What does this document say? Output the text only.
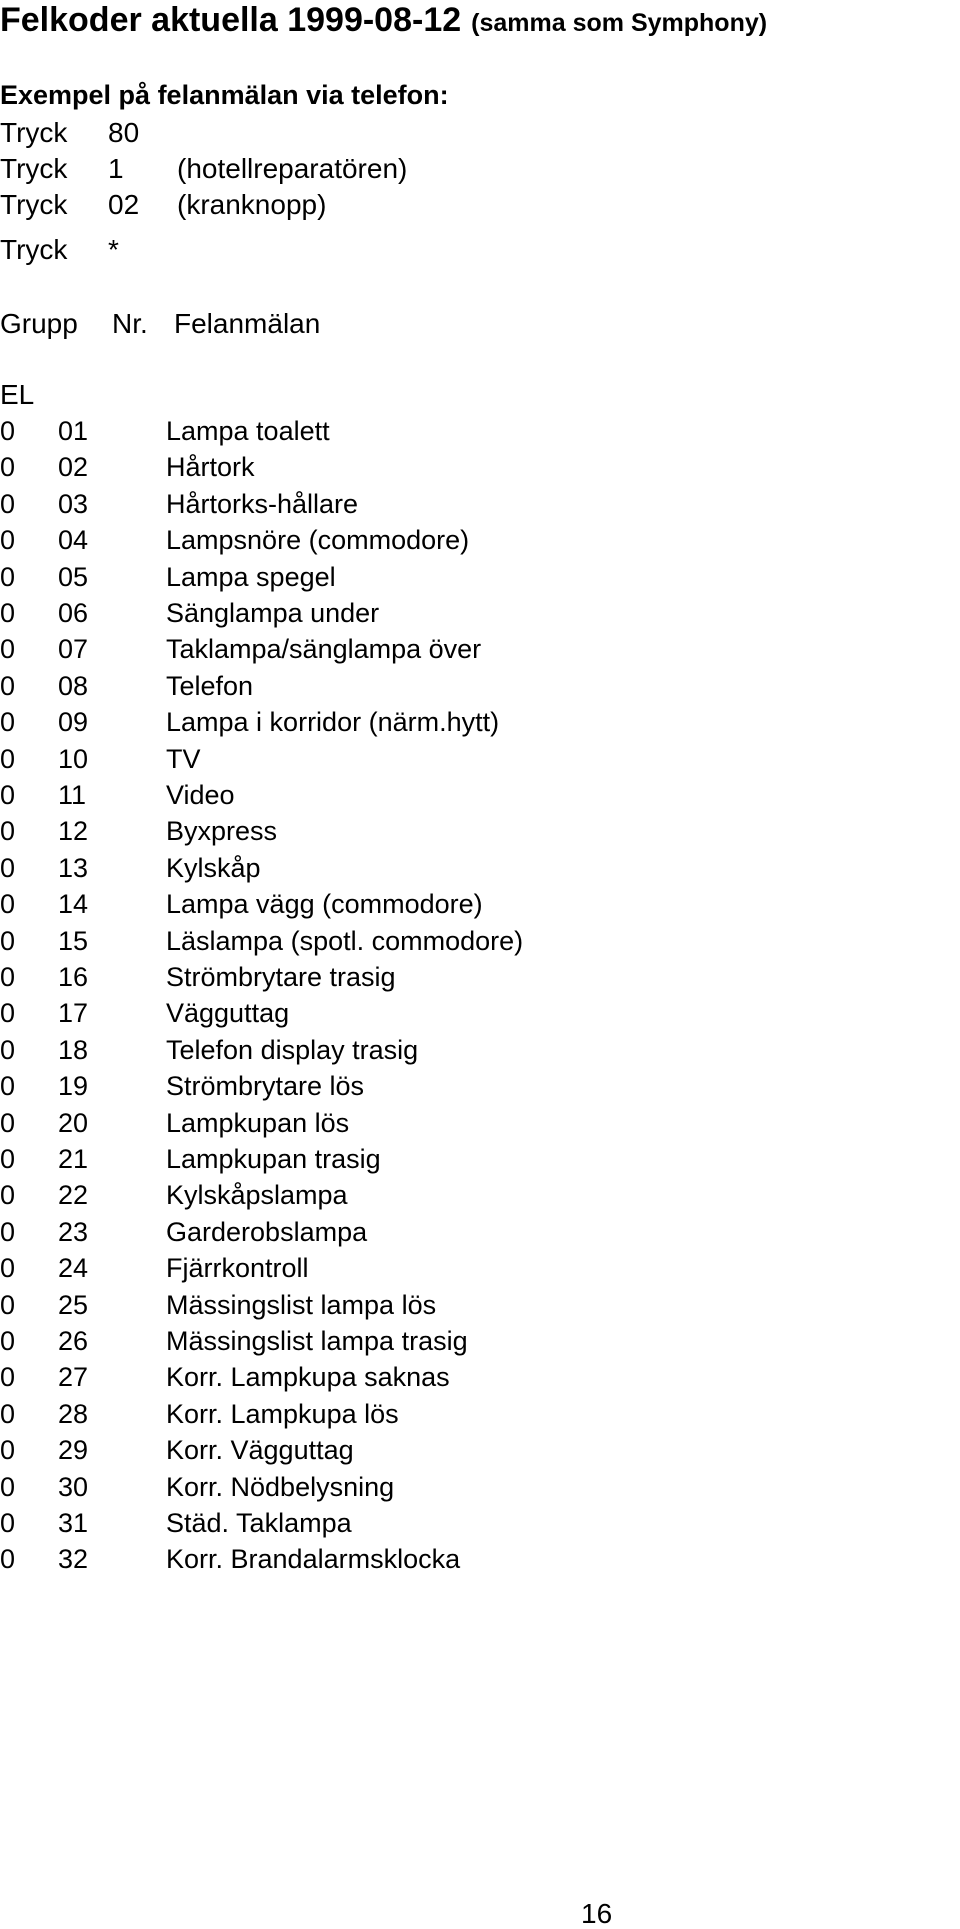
Felkoder aktuella 1999-08-12 (samma som Symphony)
Exempel på felanmälan via telefon:
Tryck 80
Tryck 1 (hotellreparatören)
Tryck 02 (kranknopp)
Tryck *
Grupp Nr. Felanmälan
EL
0 01	Lampa toalett
0 02	Hårtork
0 03	Hårtorks-hållare
0 04	Lampsnöre (commodore)
0 05	Lampa spegel
0 06	Sänglampa under
0 07	Taklampa/sänglampa över
0 08	Telefon
0 09	Lampa i korridor (närm.hytt)
0 10	TV
0 11	Video
0 12	Byxpress
0 13	Kylskåp
0 14	Lampa vägg (commodore)
0 15	Läslampa (spotl. commodore)
0 16	Strömbrytare trasig
0 17	Vägguttag
0 18	Telefon display trasig
0 19	Strömbrytare lös
0 20	Lampkupan lös
0 21	Lampkupan trasig
0 22	Kylskåpslampa
0 23	Garderobslampa
0 24	Fjärrkontroll
0 25	Mässingslist lampa lös
0 26	Mässingslist lampa trasig
0 27	Korr. Lampkupa saknas
0 28	Korr. Lampkupa lös
0 29	Korr. Vägguttag
0 30	Korr. Nödbelysning
0 31	Städ. Taklampa
0 32	Korr. Brandalarmsklocka
16
